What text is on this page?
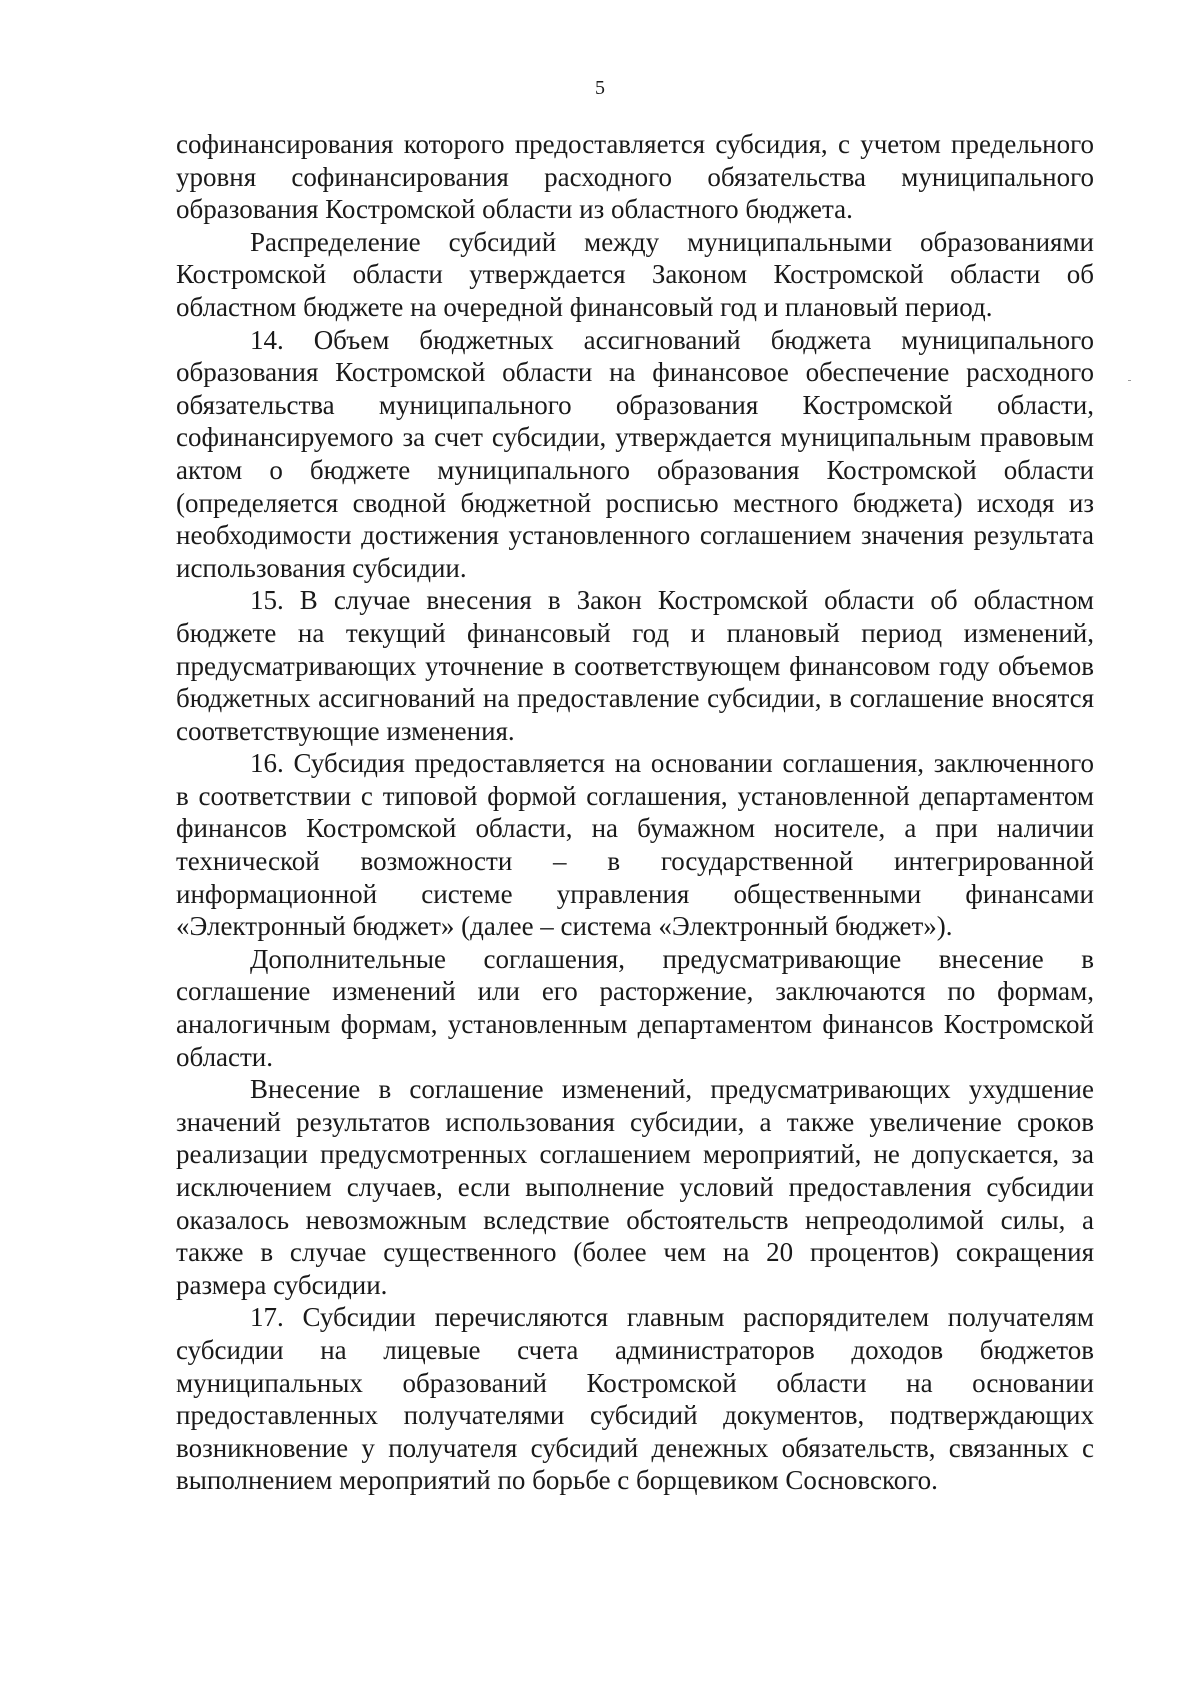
5

софинансирования которого предоставляется субсидия, с учетом предельного уровня софинансирования расходного обязательства муниципального образования Костромской области из областного бюджета.

Распределение субсидий между муниципальными образованиями Костромской области утверждается Законом Костромской области об областном бюджете на очередной финансовый год и плановый период.

14. Объем бюджетных ассигнований бюджета муниципального образования Костромской области на финансовое обеспечение расходного обязательства муниципального образования Костромской области, софинансируемого за счет субсидии, утверждается муниципальным правовым актом о бюджете муниципального образования Костромской области (определяется сводной бюджетной росписью местного бюджета) исходя из необходимости достижения установленного соглашением значения результата использования субсидии.

15. В случае внесения в Закон Костромской области об областном бюджете на текущий финансовый год и плановый период изменений, предусматривающих уточнение в соответствующем финансовом году объемов бюджетных ассигнований на предоставление субсидии, в соглашение вносятся соответствующие изменения.

16. Субсидия предоставляется на основании соглашения, заключенного в соответствии с типовой формой соглашения, установленной департаментом финансов Костромской области, на бумажном носителе, а при наличии технической возможности – в государственной интегрированной информационной системе управления общественными финансами «Электронный бюджет» (далее – система «Электронный бюджет»).

Дополнительные соглашения, предусматривающие внесение в соглашение изменений или его расторжение, заключаются по формам, аналогичным формам, установленным департаментом финансов Костромской области.

Внесение в соглашение изменений, предусматривающих ухудшение значений результатов использования субсидии, а также увеличение сроков реализации предусмотренных соглашением мероприятий, не допускается, за исключением случаев, если выполнение условий предоставления субсидии оказалось невозможным вследствие обстоятельств непреодолимой силы, а также в случае существенного (более чем на 20 процентов) сокращения размера субсидии.

17. Субсидии перечисляются главным распорядителем получателям субсидии на лицевые счета администраторов доходов бюджетов муниципальных образований Костромской области на основании предоставленных получателями субсидий документов, подтверждающих возникновение у получателя субсидий денежных обязательств, связанных с выполнением мероприятий по борьбе с борщевиком Сосновского.
